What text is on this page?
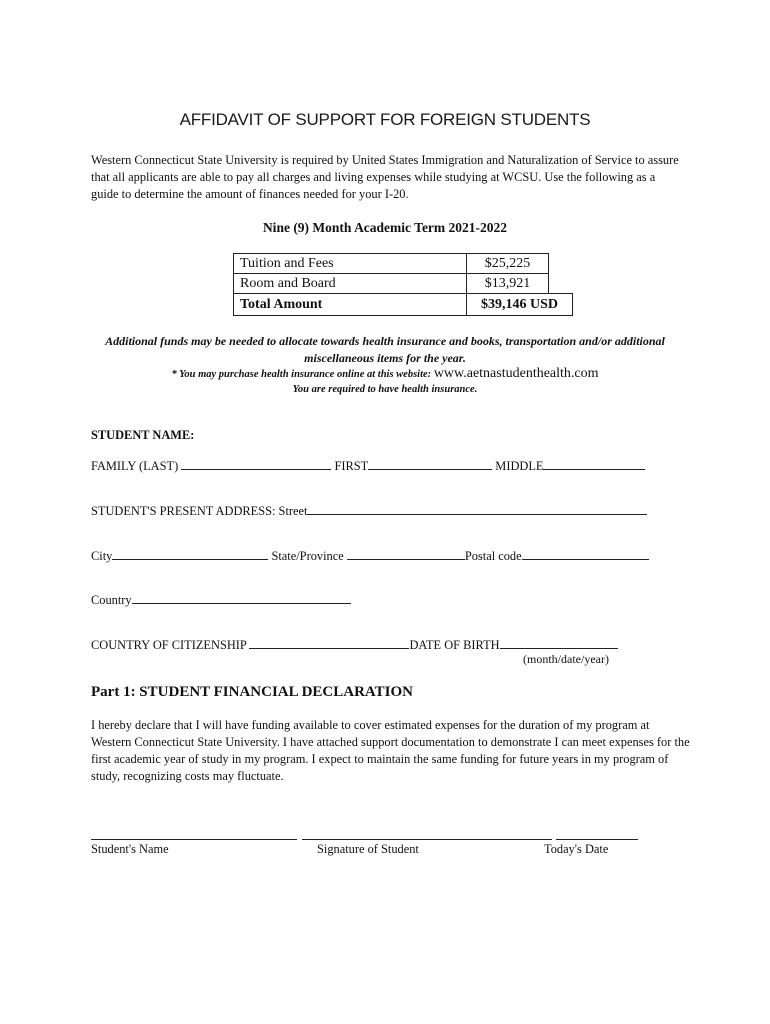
AFFIDAVIT OF SUPPORT FOR FOREIGN STUDENTS
Western Connecticut State University is required by United States Immigration and Naturalization of Service to assure that all applicants are able to pay all charges and living expenses while studying at WCSU. Use the following as a guide to determine the amount of finances needed for your I-20.
Nine (9) Month Academic Term 2021-2022
Tuition and Fees	$25,225
Room and Board	$13,921
Total Amount	$39,146 USD
Additional funds may be needed to allocate towards health insurance and books, transportation and/or additional miscellaneous items for the year.
* You may purchase health insurance online at this website: www.aetnastudenthealth.com
You are required to have health insurance.
STUDENT NAME:
FAMILY (LAST)	FIRST	MIDDLE
STUDENT'S PRESENT ADDRESS: Street
City	State/Province	Postal code
Country
COUNTRY OF CITIZENSHIP	DATE OF BIRTH
(month/date/year)
Part 1: STUDENT FINANCIAL DECLARATION
I hereby declare that I will have funding available to cover estimated expenses for the duration of my program at Western Connecticut State University. I have attached support documentation to demonstrate I can meet expenses for the first academic year of study in my program. I expect to maintain the same funding for future years in my program of study, recognizing costs may fluctuate.
Student's Name	Signature of Student	Today's Date
